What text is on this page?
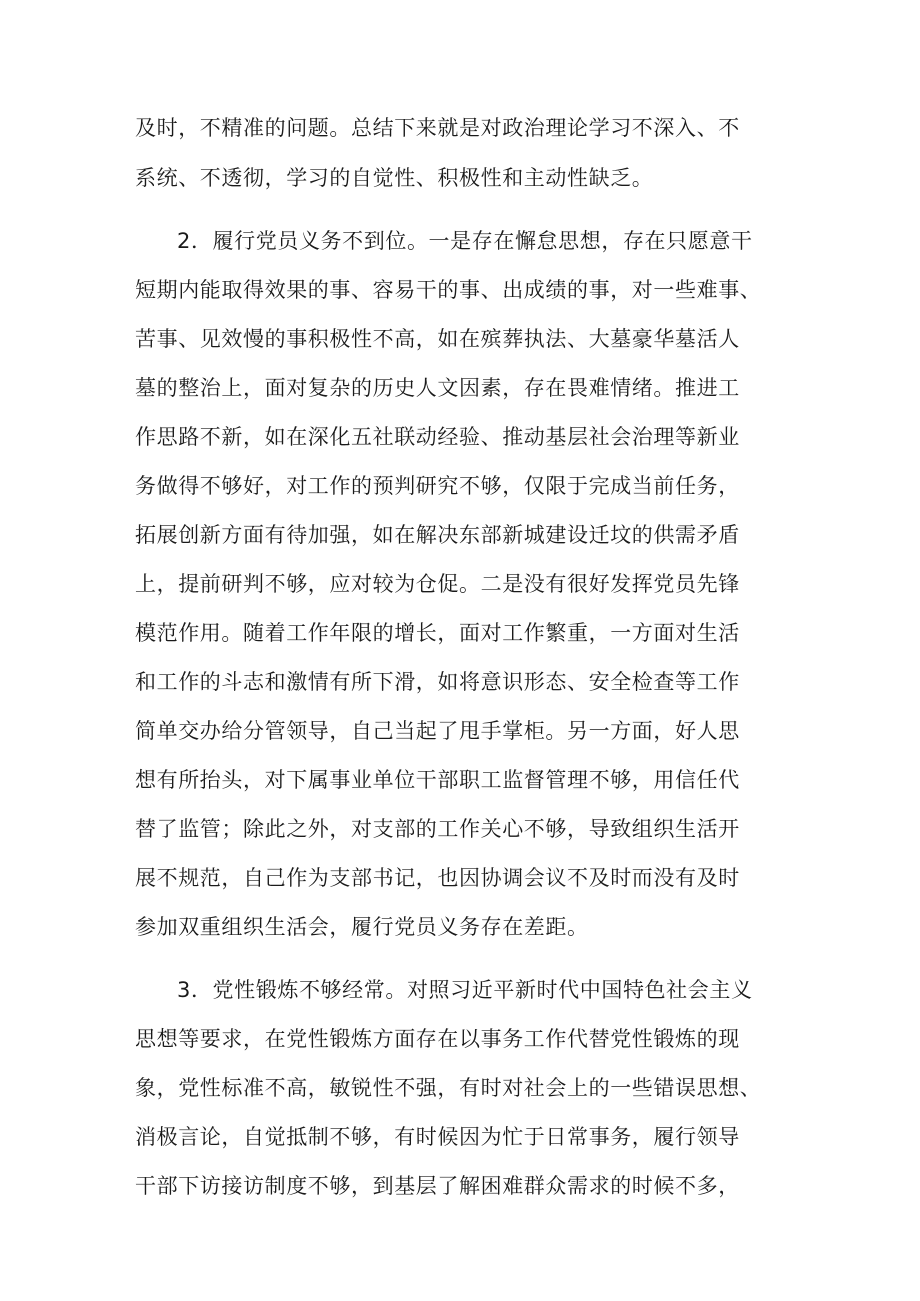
及时，不精准的问题。总结下来就是对政治理论学习不深入、不
系统、不透彻，学习的自觉性、积极性和主动性缺乏。
2．履行党员义务不到位。一是存在懈怠思想，存在只愿意干
短期内能取得效果的事、容易干的事、出成绩的事，对一些难事、
苦事、见效慢的事积极性不高，如在殡葬执法、大墓豪华墓活人
墓的整治上，面对复杂的历史人文因素，存在畏难情绪。推进工
作思路不新，如在深化五社联动经验、推动基层社会治理等新业
务做得不够好，对工作的预判研究不够，仅限于完成当前任务，
拓展创新方面有待加强，如在解决东部新城建设迁坟的供需矛盾
上，提前研判不够，应对较为仓促。二是没有很好发挥党员先锋
模范作用。随着工作年限的增长，面对工作繁重，一方面对生活
和工作的斗志和激情有所下滑，如将意识形态、安全检查等工作
简单交办给分管领导，自己当起了甩手掌柜。另一方面，好人思
想有所抬头，对下属事业单位干部职工监督管理不够，用信任代
替了监管；除此之外，对支部的工作关心不够，导致组织生活开
展不规范，自己作为支部书记，也因协调会议不及时而没有及时
参加双重组织生活会，履行党员义务存在差距。
3．党性锻炼不够经常。对照习近平新时代中国特色社会主义
思想等要求，在党性锻炼方面存在以事务工作代替党性锻炼的现
象，党性标准不高，敏锐性不强，有时对社会上的一些错误思想、
消极言论，自觉抵制不够，有时候因为忙于日常事务，履行领导
干部下访接访制度不够，到基层了解困难群众需求的时候不多，
